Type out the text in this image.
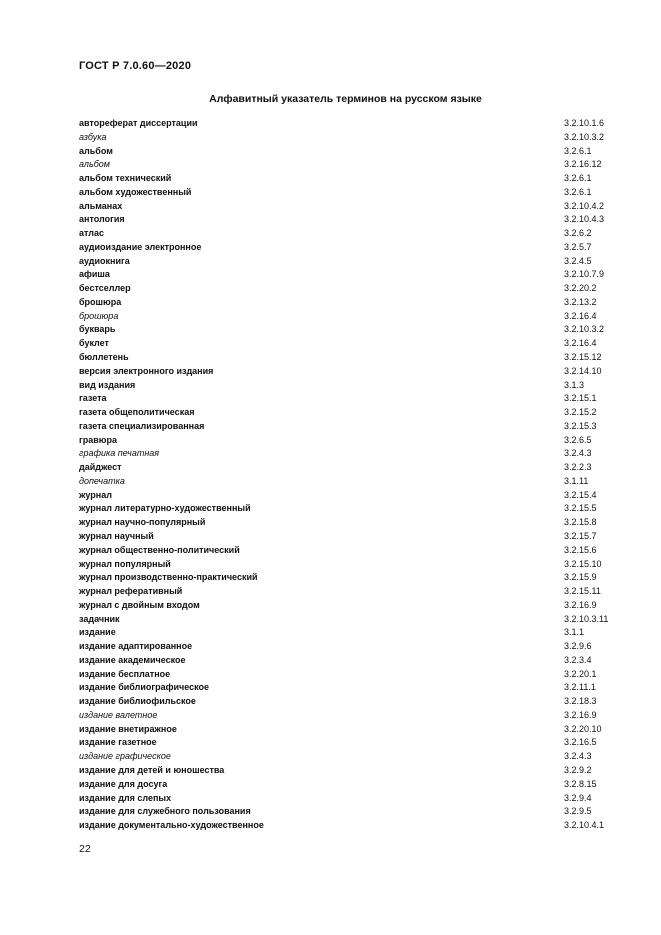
ГОСТ Р 7.0.60—2020
Алфавитный указатель терминов на русском языке
автореферат диссертации	3.2.10.1.6
азбука	3.2.10.3.2
альбом	3.2.6.1
альбом	3.2.16.12
альбом технический	3.2.6.1
альбом художественный	3.2.6.1
альманах	3.2.10.4.2
антология	3.2.10.4.3
атлас	3.2.6.2
аудиоиздание электронное	3.2.5.7
аудиокнига	3.2.4.5
афиша	3.2.10.7.9
бестселлер	3.2.20.2
брошюра	3.2.13.2
брошюра	3.2.16.4
букварь	3.2.10.3.2
буклет	3.2.16.4
бюллетень	3.2.15.12
версия электронного издания	3.2.14.10
вид издания	3.1.3
газета	3.2.15.1
газета общеполитическая	3.2.15.2
газета специализированная	3.2.15.3
гравюра	3.2.6.5
графика печатная	3.2.4.3
дайджест	3.2.2.3
допечатка	3.1.11
журнал	3.2.15.4
журнал литературно-художественный	3.2.15.5
журнал научно-популярный	3.2.15.8
журнал научный	3.2.15.7
журнал общественно-политический	3.2.15.6
журнал популярный	3.2.15.10
журнал производственно-практический	3.2.15.9
журнал реферативный	3.2.15.11
журнал с двойным входом	3.2.16.9
задачник	3.2.10.3.11
издание	3.1.1
издание адаптированное	3.2.9.6
издание академическое	3.2.3.4
издание бесплатное	3.2.20.1
издание библиографическое	3.2.11.1
издание библиофильское	3.2.18.3
издание валетное	3.2.16.9
издание внетиражное	3.2.20.10
издание газетное	3.2.16.5
издание графическое	3.2.4.3
издание для детей и юношества	3.2.9.2
издание для досуга	3.2.8.15
издание для слепых	3.2.9.4
издание для служебного пользования	3.2.9.5
издание документально-художественное	3.2.10.4.1
22
